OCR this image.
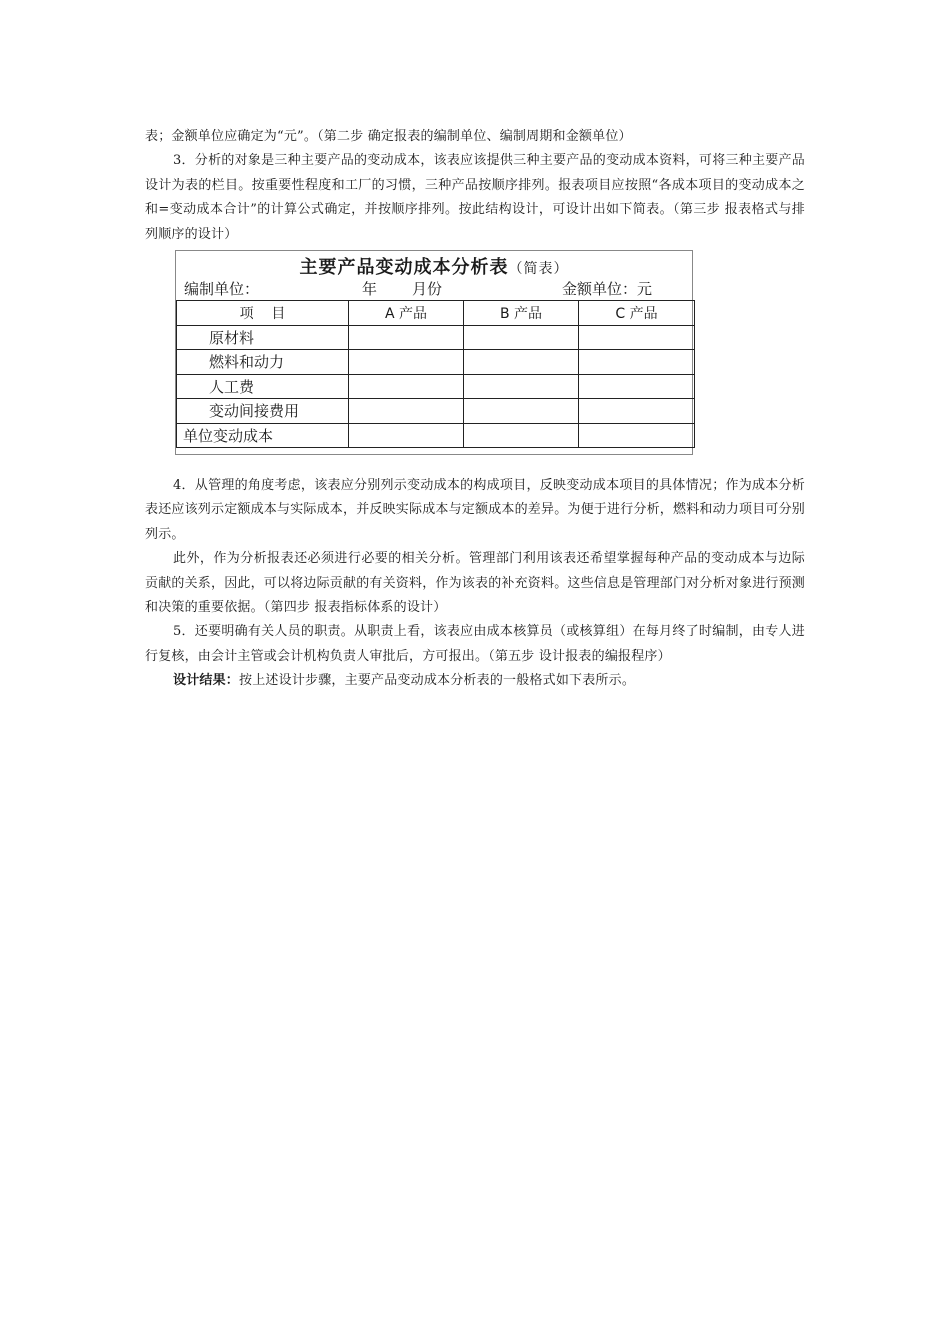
表；金额单位应确定为“元”。（第二步 确定报表的编制单位、编制周期和金额单位）

3．分析的对象是三种主要产品的变动成本，该表应该提供三种主要产品的变动成本资料，可将三种主要产品设计为表的栏目。按重要性程度和工厂的习惯，三种产品按顺序排列。报表项目应按照“各成本项目的变动成本之和=变动成本合计”的计算公式确定，并按顺序排列。按此结构设计，可设计出如下简表。（第三步 报表格式与排列顺序的设计）

主要产品变动成本分析表（简表）
编制单位：	年 月份	金额单位：元
项    目	A 产品	B 产品	C 产品
原材料			
燃料和动力			
人工费			
变动间接费用			
单位变动成本			

4．从管理的角度考虑，该表应分别列示变动成本的构成项目，反映变动成本项目的具体情况；作为成本分析表还应该列示定额成本与实际成本，并反映实际成本与定额成本的差异。为便于进行分析，燃料和动力项目可分别列示。

此外，作为分析报表还必须进行必要的相关分析。管理部门利用该表还希望掌握每种产品的变动成本与边际贡献的关系，因此，可以将边际贡献的有关资料，作为该表的补充资料。这些信息是管理部门对分析对象进行预测和决策的重要依据。（第四步 报表指标体系的设计）

5．还要明确有关人员的职责。从职责上看，该表应由成本核算员（或核算组）在每月终了时编制，由专人进行复核，由会计主管或会计机构负责人审批后，方可报出。（第五步 设计报表的编报程序）

设计结果：按上述设计步骤，主要产品变动成本分析表的一般格式如下表所示。
